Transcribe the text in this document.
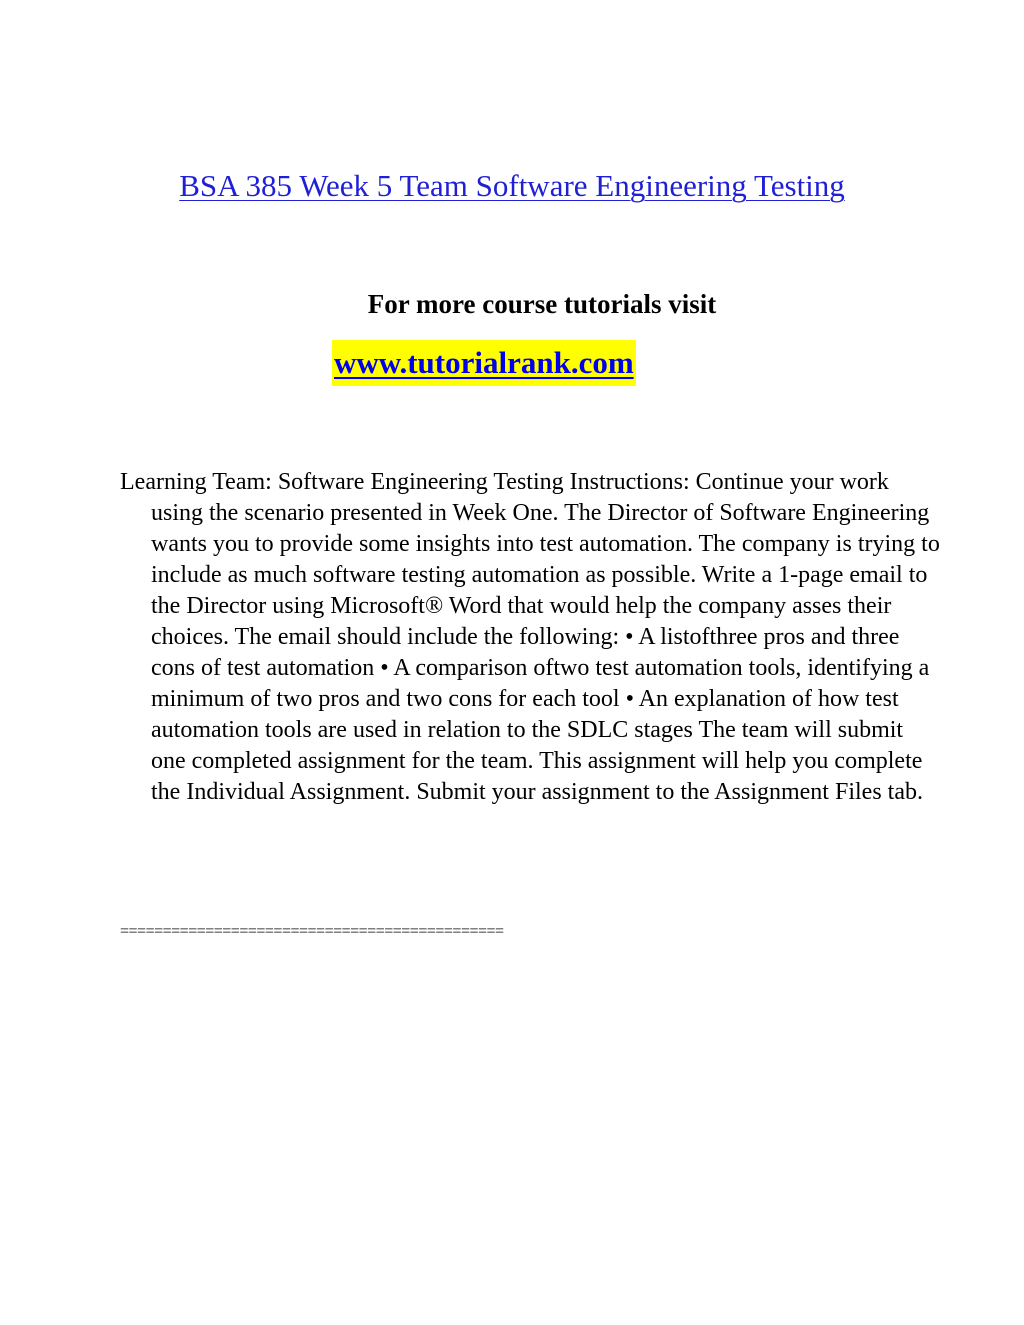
BSA 385 Week 5 Team Software Engineering Testing
For more course tutorials visit
www.tutorialrank.com

Learning Team: Software Engineering Testing Instructions: Continue your work using the scenario presented in Week One. The Director of Software Engineering wants you to provide some insights into test automation. The company is trying to include as much software testing automation as possible. Write a 1-page email to the Director using Microsoft® Word that would help the company asses their choices. The email should include the following: • A listofthree pros and three cons of test automation • A comparison oftwo test automation tools, identifying a minimum of two pros and two cons for each tool • An explanation of how test automation tools are used in relation to the SDLC stages The team will submit one completed assignment for the team. This assignment will help you complete the Individual Assignment. Submit your assignment to the Assignment Files tab.

=============================================
